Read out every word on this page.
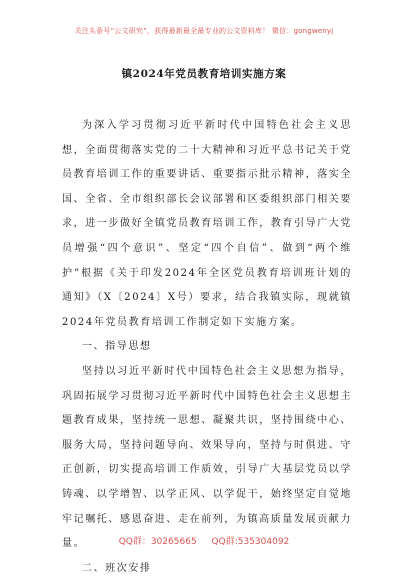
关注头条号“公文研究”，获得最新最全最专业的公文资料库！ 微信：gongwenyj
镇2024年党员教育培训实施方案

为深入学习贯彻习近平新时代中国特色社会主义思想，全面贯彻落实党的二十大精神和习近平总书记关于党员教育培训工作的重要讲话、重要指示批示精神，落实全国、全省、全市组织部长会议部署和区委组织部门相关要求，进一步做好全镇党员教育培训工作，教育引导广大党员增强“四个意识”、坚定“四个自信”、做到“两个维护”根据《关于印发2024年全区党员教育培训班计划的通知》（X〔2024〕X号）要求，结合我镇实际，现就镇2024年党员教育培训工作制定如下实施方案。

一、指导思想

坚持以习近平新时代中国特色社会主义思想为指导，巩固拓展学习贯彻习近平新时代中国特色社会主义思想主题教育成果，坚持统一思想、凝聚共识，坚持围绕中心、服务大局，坚持问题导向、效果导向，坚持与时俱进、守正创新，切实提高培训工作质效，引导广大基层党员以学铸魂、以学增智、以学正风、以学促干，始终坚定自觉地牢记嘱托、感恩奋进、走在前列，为镇高质量发展贡献力量。

二、班次安排

QQ群：30265665 QQ群:535304092
